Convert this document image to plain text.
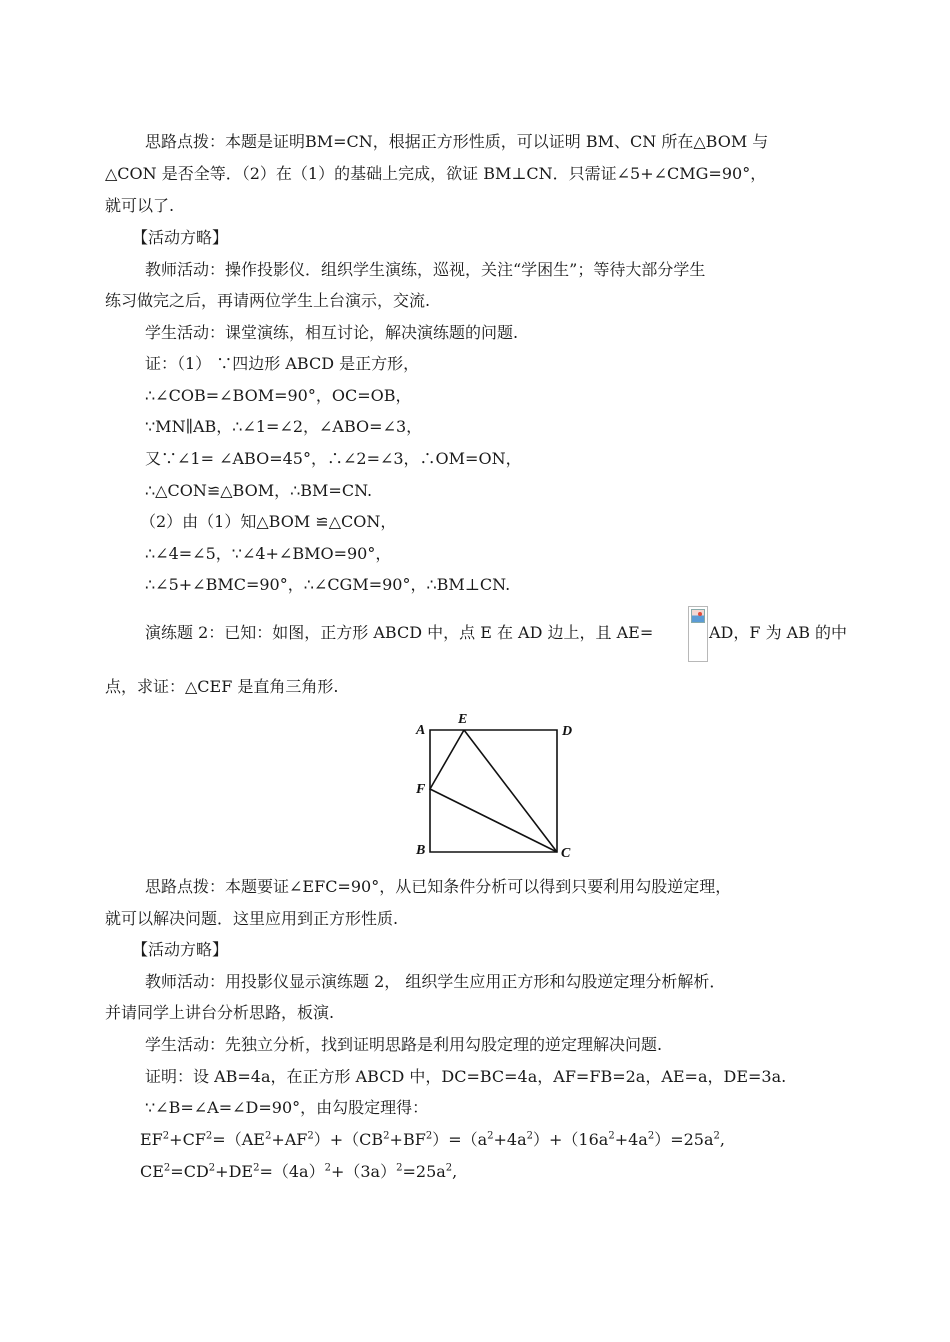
思路点拨：本题是证明BM=CN，根据正方形性质，可以证明 BM、CN 所在△BOM 与
△CON 是否全等．（2）在（1）的基础上完成，欲证 BM⊥CN．只需证∠5+∠CMG=90°，
就可以了.
【活动方略】
教师活动：操作投影仪．组织学生演练，巡视，关注“学困生”；等待大部分学生
练习做完之后，再请两位学生上台演示，交流.
学生活动：课堂演练，相互讨论，解决演练题的问题.
证：（1） ∵四边形 ABCD 是正方形，
∴∠COB=∠BOM=90°，OC=OB，
∵MN∥AB，∴∠1=∠2，∠ABO=∠3，
又∵∠1= ∠ABO=45°，∴∠2=∠3，∴OM=ON，
∴△CON≌△BOM，∴BM=CN.
（2）由（1）知△BOM ≌△CON，
∴∠4=∠5，∵∠4+∠BMO=90°，
∴∠5+∠BMC=90°，∴∠CGM=90°，∴BM⊥CN.
演练题 2：已知：如图，正方形 ABCD 中，点 E 在 AD 边上，且 AE=	AD，F 为 AB 的中
点，求证：△CEF 是直角三角形.
A
E
D
F
B	C
思路点拨：本题要证∠EFC=90°，从已知条件分析可以得到只要利用勾股逆定理，
就可以解决问题．这里应用到正方形性质.
【活动方略】
教师活动：用投影仪显示演练题 2， 组织学生应用正方形和勾股逆定理分析解析．
并请同学上讲台分析思路，板演.
学生活动：先独立分析，找到证明思路是利用勾股定理的逆定理解决问题.
证明：设 AB=4a，在正方形 ABCD 中，DC=BC=4a，AF=FB=2a，AE=a，DE=3a.
∵∠B=∠A=∠D=90°，由勾股定理得：
$EF^2+CF^2=(AE^2+AF^2)+(CB^2+BF^2)=(a^2+4a^2)+(16a^2+4a^2)=25a^2$,
$CE^2=CD^2+DE^2=(4a)^2+(3a)^2=25a^2$,
